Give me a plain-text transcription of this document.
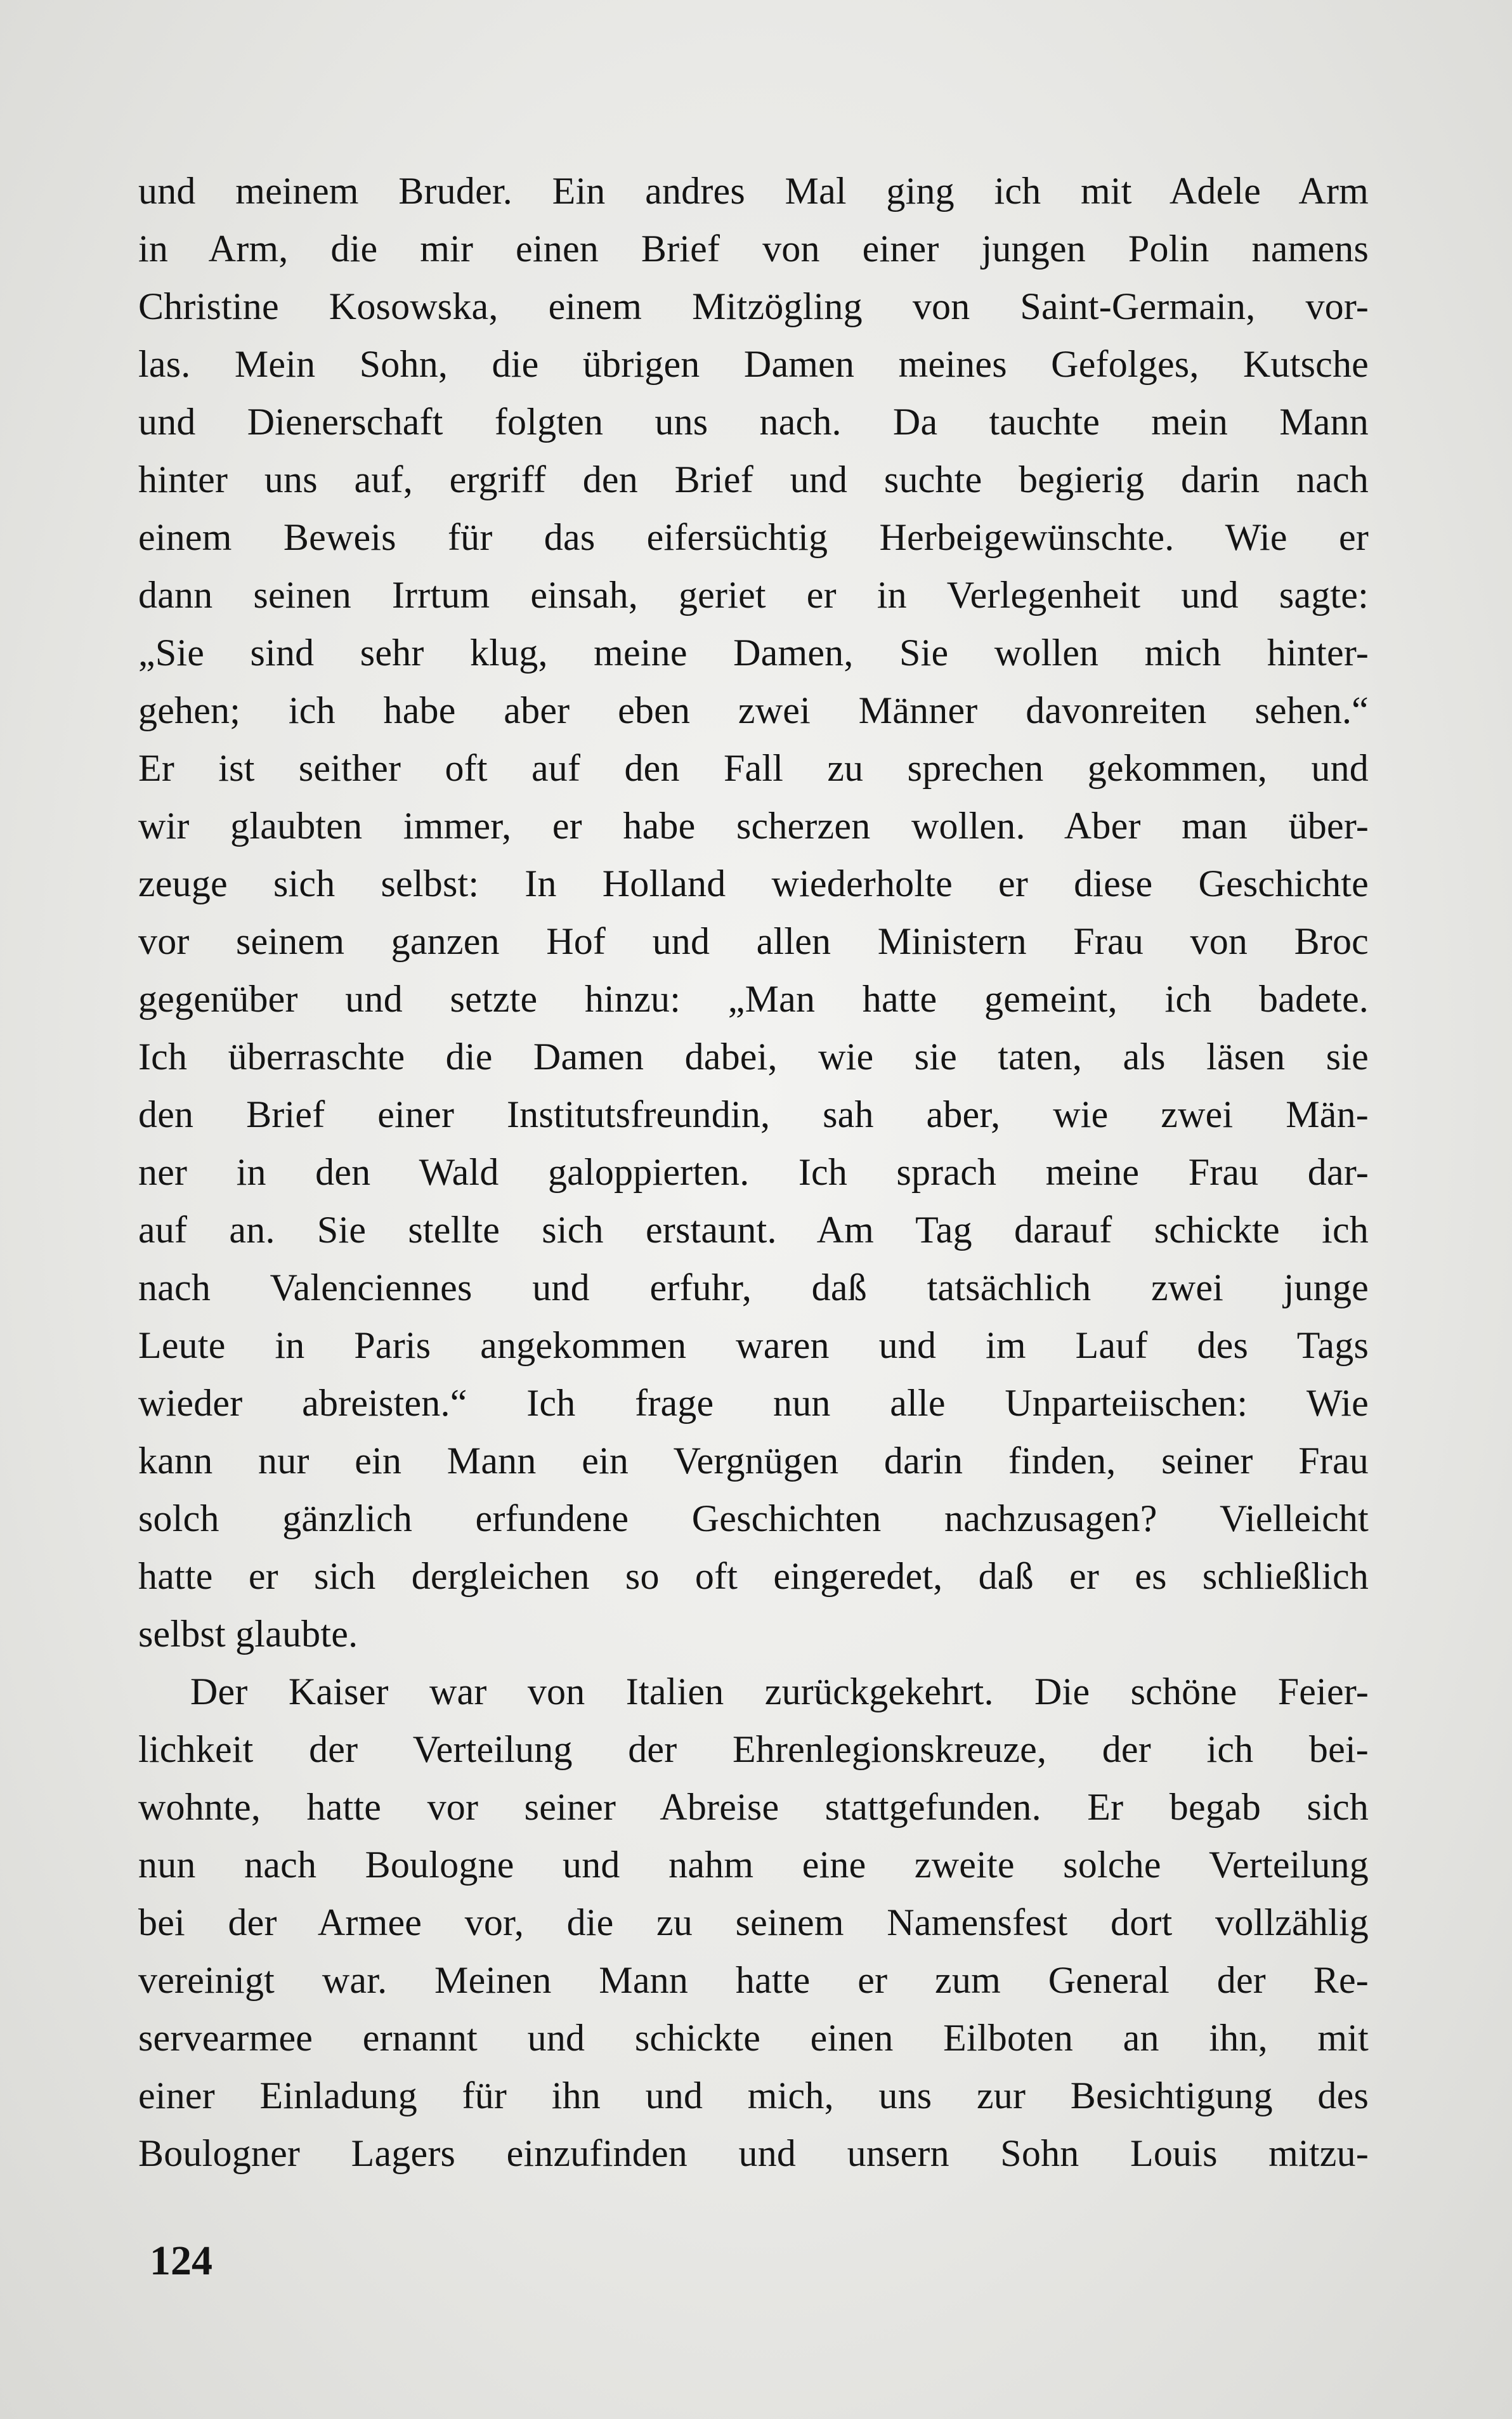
und meinem Bruder. Ein andres Mal ging ich mit Adele Arm
in Arm, die mir einen Brief von einer jungen Polin namens
Christine Kosowska, einem Mitzögling von Saint-Germain, vor-
las. Mein Sohn, die übrigen Damen meines Gefolges, Kutsche
und Dienerschaft folgten uns nach. Da tauchte mein Mann
hinter uns auf, ergriff den Brief und suchte begierig darin nach
einem Beweis für das eifersüchtig Herbeigewünschte. Wie er
dann seinen Irrtum einsah, geriet er in Verlegenheit und sagte:
„Sie sind sehr klug, meine Damen, Sie wollen mich hinter-
gehen; ich habe aber eben zwei Männer davonreiten sehen.“
Er ist seither oft auf den Fall zu sprechen gekommen, und
wir glaubten immer, er habe scherzen wollen. Aber man über-
zeuge sich selbst: In Holland wiederholte er diese Geschichte
vor seinem ganzen Hof und allen Ministern Frau von Broc
gegenüber und setzte hinzu: „Man hatte gemeint, ich badete.
Ich überraschte die Damen dabei, wie sie taten, als läsen sie
den Brief einer Institutsfreundin, sah aber, wie zwei Män-
ner in den Wald galoppierten. Ich sprach meine Frau dar-
auf an. Sie stellte sich erstaunt. Am Tag darauf schickte ich
nach Valenciennes und erfuhr, daß tatsächlich zwei junge
Leute in Paris angekommen waren und im Lauf des Tags
wieder abreisten.“ Ich frage nun alle Unparteiischen: Wie
kann nur ein Mann ein Vergnügen darin finden, seiner Frau
solch gänzlich erfundene Geschichten nachzusagen? Vielleicht
hatte er sich dergleichen so oft eingeredet, daß er es schließlich
selbst glaubte.
Der Kaiser war von Italien zurückgekehrt. Die schöne Feier-
lichkeit der Verteilung der Ehrenlegionskreuze, der ich bei-
wohnte, hatte vor seiner Abreise stattgefunden. Er begab sich
nun nach Boulogne und nahm eine zweite solche Verteilung
bei der Armee vor, die zu seinem Namensfest dort vollzählig
vereinigt war. Meinen Mann hatte er zum General der Re-
servearmee ernannt und schickte einen Eilboten an ihn, mit
einer Einladung für ihn und mich, uns zur Besichtigung des
Boulogner Lagers einzufinden und unsern Sohn Louis mitzu-
124
